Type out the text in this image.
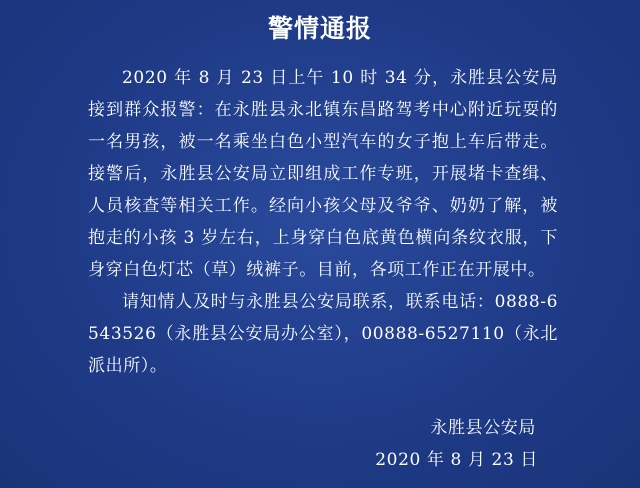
警情通报

2020 年 8 月 23 日上午 10 时 34 分，永胜县公安局接到群众报警：在永胜县永北镇东昌路驾考中心附近玩耍的一名男孩，被一名乘坐白色小型汽车的女子抱上车后带走。接警后，永胜县公安局立即组成工作专班，开展堵卡查缉、人员核查等相关工作。经向小孩父母及爷爷、奶奶了解，被抱走的小孩 3 岁左右，上身穿白色底黄色横向条纹衣服，下身穿白色灯芯（草）绒裤子。目前，各项工作正在开展中。

请知情人及时与永胜县公安局联系，联系电话：0888-6543526（永胜县公安局办公室），00888-6527110（永北派出所）。

永胜县公安局
2020 年 8 月 23 日
